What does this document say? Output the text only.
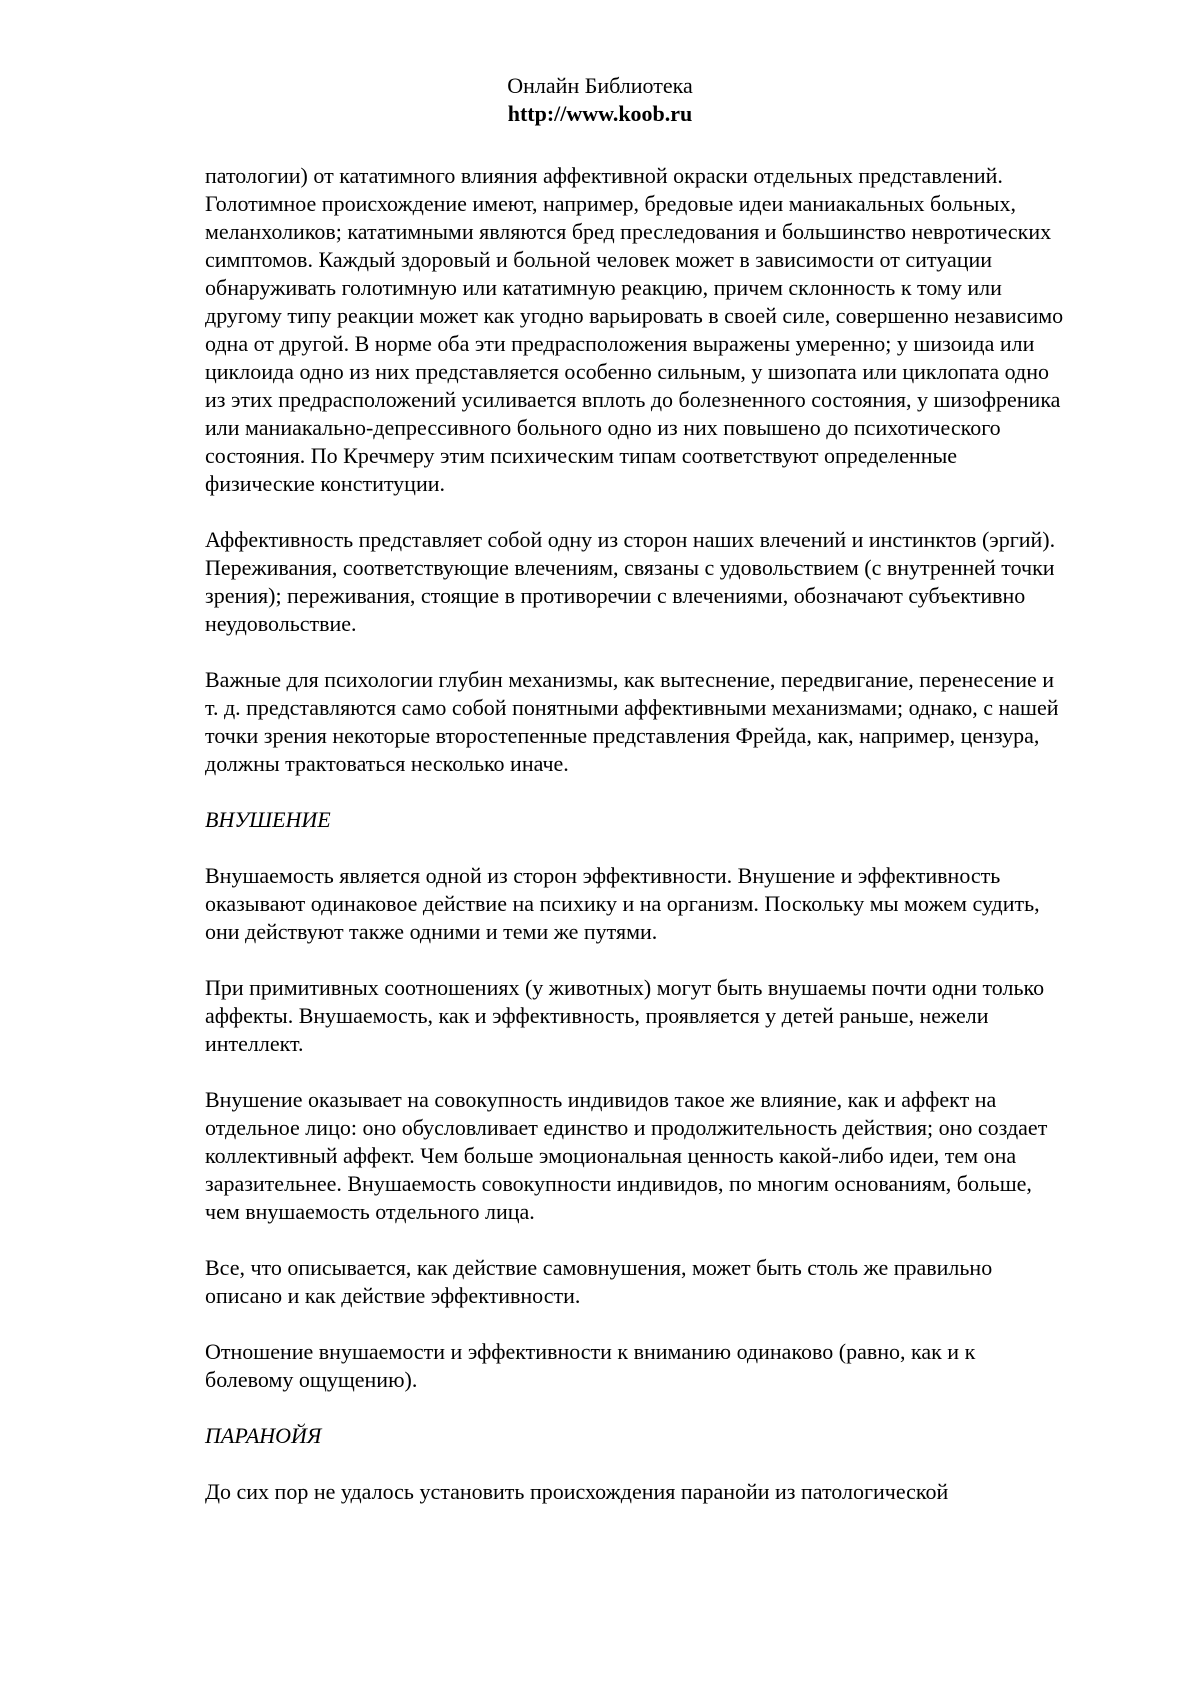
Онлайн Библиотека
http://www.koob.ru

патологии) от кататимного влияния аффективной окраски отдельных представлений. Голотимное происхождение имеют, например, бредовые идеи маниакальных больных, меланхоликов; кататимными являются бред преследования и большинство невротических симптомов. Каждый здоровый и больной человек может в зависимости от ситуации обнаруживать голотимную или кататимную реакцию, причем склонность к тому или другому типу реакции может как угодно варьировать в своей силе, совершенно независимо одна от другой. В норме оба эти предрасположения выражены умеренно; у шизоида или циклоида одно из них представляется особенно сильным, у шизопата или циклопата одно из этих предрасположений усиливается вплоть до болезненного состояния, у шизофреника или маниакально-депрессивного больного одно из них повышено до психотического состояния. По Кречмеру этим психическим типам соответствуют определенные физические конституции.

Аффективность представляет собой одну из сторон наших влечений и инстинктов (эргий). Переживания, соответствующие влечениям, связаны с удовольствием (с внутренней точки зрения); переживания, стоящие в противоречии с влечениями, обозначают субъективно неудовольствие.

Важные для психологии глубин механизмы, как вытеснение, передвигание, перенесение и т. д. представляются само собой понятными аффективными механизмами; однако, с нашей точки зрения некоторые второстепенные представления Фрейда, как, например, цензура, должны трактоваться несколько иначе.

ВНУШЕНИЕ

Внушаемость является одной из сторон эффективности. Внушение и эффективность оказывают одинаковое действие на психику и на организм. Поскольку мы можем судить, они действуют также одними и теми же путями.

При примитивных соотношениях (у животных) могут быть внушаемы почти одни только аффекты. Внушаемость, как и эффективность, проявляется у детей раньше, нежели интеллект.

Внушение оказывает на совокупность индивидов такое же влияние, как и аффект на отдельное лицо: оно обусловливает единство и продолжительность действия; оно создает коллективный аффект. Чем больше эмоциональная ценность какой-либо идеи, тем она заразительнее. Внушаемость совокупности индивидов, по многим основаниям, больше, чем внушаемость отдельного лица.

Все, что описывается, как действие самовнушения, может быть столь же правильно описано и как действие эффективности.

Отношение внушаемости и эффективности к вниманию одинаково (равно, как и к болевому ощущению).

ПАРАНОЙЯ

До сих пор не удалось установить происхождения паранойи из патологической
